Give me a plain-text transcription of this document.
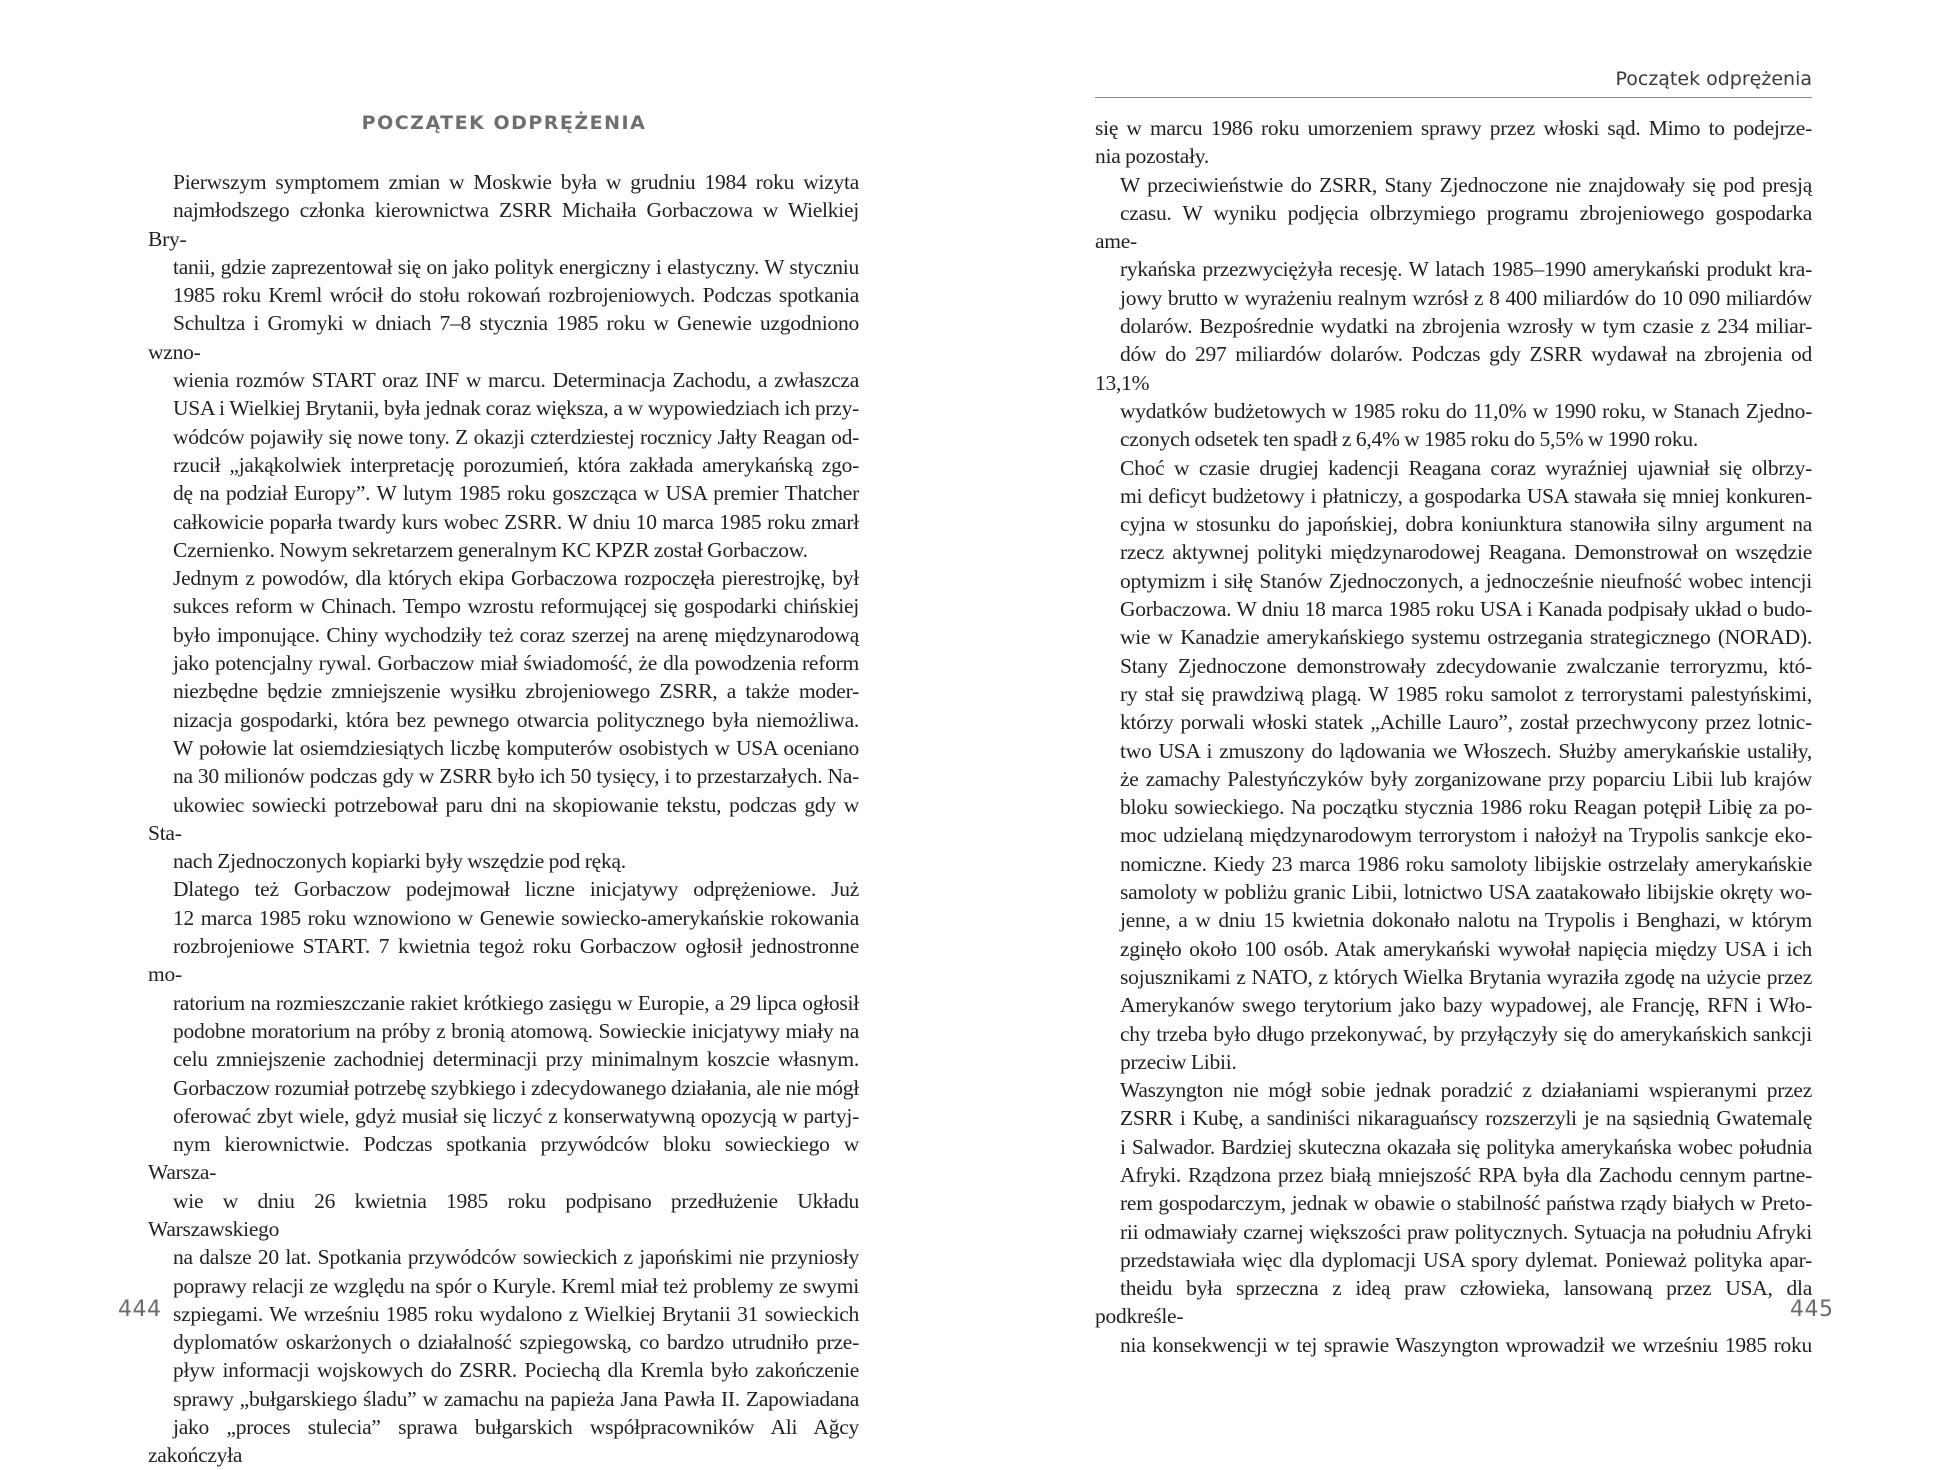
POCZĄTEK ODPRĘŻENIA

Pierwszym symptomem zmian w Moskwie była w grudniu 1984 roku wizyta
najmłodszego członka kierownictwa ZSRR Michaiła Gorbaczowa w Wielkiej Bry-
tanii, gdzie zaprezentował się on jako polityk energiczny i elastyczny. W styczniu
1985 roku Kreml wrócił do stołu rokowań rozbrojeniowych. Podczas spotkania
Schultza i Gromyki w dniach 7–8 stycznia 1985 roku w Genewie uzgodniono wzno-
wienia rozmów START oraz INF w marcu. Determinacja Zachodu, a zwłaszcza
USA i Wielkiej Brytanii, była jednak coraz większa, a w wypowiedziach ich przy-
wódców pojawiły się nowe tony. Z okazji czterdziestej rocznicy Jałty Reagan od-
rzucił „jakąkolwiek interpretację porozumień, która zakłada amerykańską zgo-
dę na podział Europy”. W lutym 1985 roku goszcząca w USA premier Thatcher
całkowicie poparła twardy kurs wobec ZSRR. W dniu 10 marca 1985 roku zmarł
Czernienko. Nowym sekretarzem generalnym KC KPZR został Gorbaczow.

Jednym z powodów, dla których ekipa Gorbaczowa rozpoczęła pierestrojkę, był
sukces reform w Chinach. Tempo wzrostu reformującej się gospodarki chińskiej
było imponujące. Chiny wychodziły też coraz szerzej na arenę międzynarodową
jako potencjalny rywal. Gorbaczow miał świadomość, że dla powodzenia reform
niezbędne będzie zmniejszenie wysiłku zbrojeniowego ZSRR, a także moder-
nizacja gospodarki, która bez pewnego otwarcia politycznego była niemożliwa.
W połowie lat osiemdziesiątych liczbę komputerów osobistych w USA oceniano
na 30 milionów podczas gdy w ZSRR było ich 50 tysięcy, i to przestarzałych. Na-
ukowiec sowiecki potrzebował paru dni na skopiowanie tekstu, podczas gdy w Sta-
nach Zjednoczonych kopiarki były wszędzie pod ręką.

Dlatego też Gorbaczow podejmował liczne inicjatywy odprężeniowe. Już
12 marca 1985 roku wznowiono w Genewie sowiecko-amerykańskie rokowania
rozbrojeniowe START. 7 kwietnia tegoż roku Gorbaczow ogłosił jednostronne mo-
ratorium na rozmieszczanie rakiet krótkiego zasięgu w Europie, a 29 lipca ogłosił
podobne moratorium na próby z bronią atomową. Sowieckie inicjatywy miały na
celu zmniejszenie zachodniej determinacji przy minimalnym koszcie własnym.
Gorbaczow rozumiał potrzebę szybkiego i zdecydowanego działania, ale nie mógł
oferować zbyt wiele, gdyż musiał się liczyć z konserwatywną opozycją w partyj-
nym kierownictwie. Podczas spotkania przywódców bloku sowieckiego w Warsza-
wie w dniu 26 kwietnia 1985 roku podpisano przedłużenie Układu Warszawskiego
na dalsze 20 lat. Spotkania przywódców sowieckich z japońskimi nie przyniosły
poprawy relacji ze względu na spór o Kuryle. Kreml miał też problemy ze swymi
szpiegami. We wrześniu 1985 roku wydalono z Wielkiej Brytanii 31 sowieckich
dyplomatów oskarżonych o działalność szpiegowską, co bardzo utrudniło prze-
pływ informacji wojskowych do ZSRR. Pociechą dla Kremla było zakończenie
sprawy „bułgarskiego śladu” w zamachu na papieża Jana Pawła II. Zapowiadana
jako „proces stulecia” sprawa bułgarskich współpracowników Ali Ağcy zakończyła

444
Początek odprężenia

się w marcu 1986 roku umorzeniem sprawy przez włoski sąd. Mimo to podejrze-
nia pozostały.

W przeciwieństwie do ZSRR, Stany Zjednoczone nie znajdowały się pod presją
czasu. W wyniku podjęcia olbrzymiego programu zbrojeniowego gospodarka ame-
rykańska przezwyciężyła recesję. W latach 1985–1990 amerykański produkt kra-
jowy brutto w wyrażeniu realnym wzrósł z 8 400 miliardów do 10 090 miliardów
dolarów. Bezpośrednie wydatki na zbrojenia wzrosły w tym czasie z 234 miliar-
dów do 297 miliardów dolarów. Podczas gdy ZSRR wydawał na zbrojenia od 13,1%
wydatków budżetowych w 1985 roku do 11,0% w 1990 roku, w Stanach Zjedno-
czonych odsetek ten spadł z 6,4% w 1985 roku do 5,5% w 1990 roku.

Choć w czasie drugiej kadencji Reagana coraz wyraźniej ujawniał się olbrzy-
mi deficyt budżetowy i płatniczy, a gospodarka USA stawała się mniej konkuren-
cyjna w stosunku do japońskiej, dobra koniunktura stanowiła silny argument na
rzecz aktywnej polityki międzynarodowej Reagana. Demonstrował on wszędzie
optymizm i siłę Stanów Zjednoczonych, a jednocześnie nieufność wobec intencji
Gorbaczowa. W dniu 18 marca 1985 roku USA i Kanada podpisały układ o budo-
wie w Kanadzie amerykańskiego systemu ostrzegania strategicznego (NORAD).
Stany Zjednoczone demonstrowały zdecydowanie zwalczanie terroryzmu, któ-
ry stał się prawdziwą plagą. W 1985 roku samolot z terrorystami palestyńskimi,
którzy porwali włoski statek „Achille Lauro”, został przechwycony przez lotnic-
two USA i zmuszony do lądowania we Włoszech. Służby amerykańskie ustaliły,
że zamachy Palestyńczyków były zorganizowane przy poparciu Libii lub krajów
bloku sowieckiego. Na początku stycznia 1986 roku Reagan potępił Libię za po-
moc udzielaną międzynarodowym terrorystom i nałożył na Trypolis sankcje eko-
nomiczne. Kiedy 23 marca 1986 roku samoloty libijskie ostrzelały amerykańskie
samoloty w pobliżu granic Libii, lotnictwo USA zaatakowało libijskie okręty wo-
jenne, a w dniu 15 kwietnia dokonało nalotu na Trypolis i Benghazi, w którym
zginęło około 100 osób. Atak amerykański wywołał napięcia między USA i ich
sojusznikami z NATO, z których Wielka Brytania wyraziła zgodę na użycie przez
Amerykanów swego terytorium jako bazy wypadowej, ale Francję, RFN i Wło-
chy trzeba było długo przekonywać, by przyłączyły się do amerykańskich sankcji
przeciw Libii.

Waszyngton nie mógł sobie jednak poradzić z działaniami wspieranymi przez
ZSRR i Kubę, a sandiniści nikaraguańscy rozszerzyli je na sąsiednią Gwatemalę
i Salwador. Bardziej skuteczna okazała się polityka amerykańska wobec południa
Afryki. Rządzona przez białą mniejszość RPA była dla Zachodu cennym partne-
rem gospodarczym, jednak w obawie o stabilność państwa rządy białych w Preto-
rii odmawiały czarnej większości praw politycznych. Sytuacja na południu Afryki
przedstawiała więc dla dyplomacji USA spory dylemat. Ponieważ polityka apar-
theidu była sprzeczna z ideą praw człowieka, lansowaną przez USA, dla podkreśle-
nia konsekwencji w tej sprawie Waszyngton wprowadził we wrześniu 1985 roku

445
